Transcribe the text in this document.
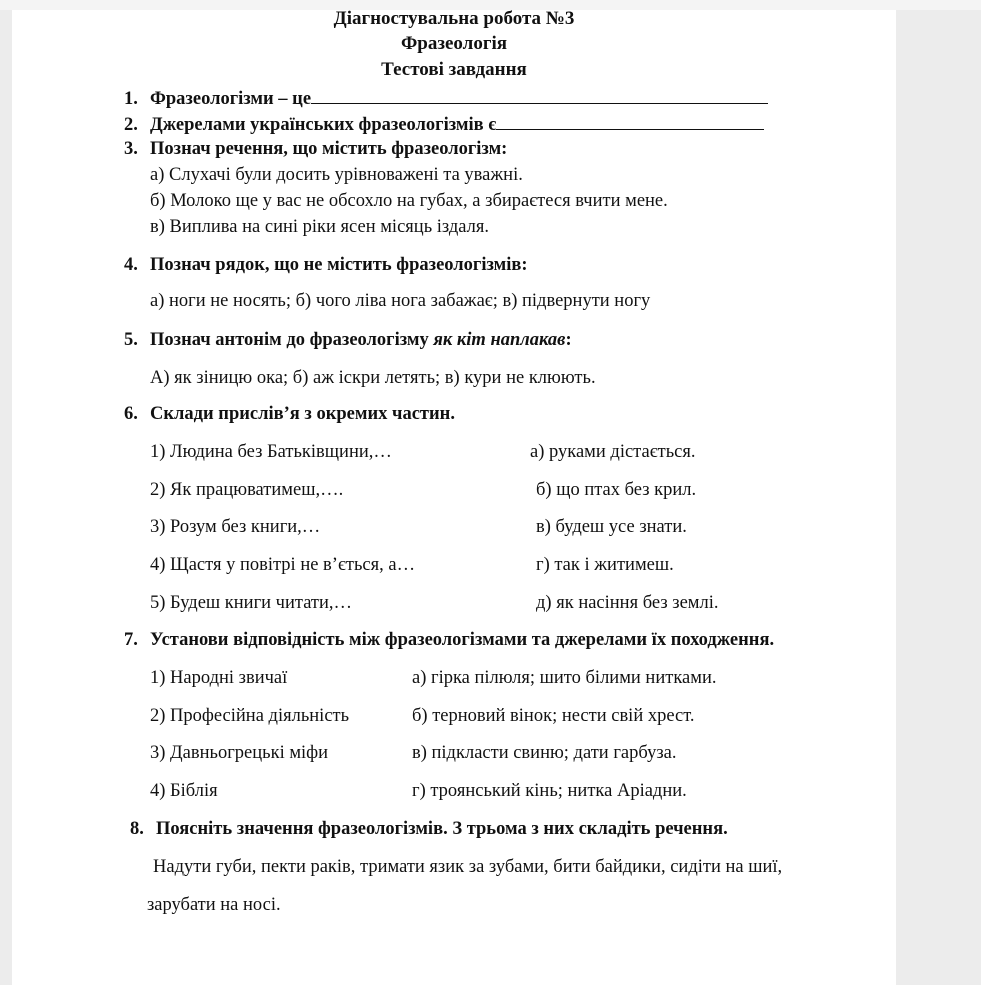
Діагностувальна робота №3
Фразеологія
Тестові завдання
1. Фразеологізми – це
2. Джерелами українських фразеологізмів є
3. Познач речення, що містить фразеологізм:
а) Слухачі були досить урівноважені та уважні.
б) Молоко ще у вас не обсохло на губах, а збираєтеся вчити мене.
в) Виплива на сині ріки ясен місяць іздаля.
4. Познач рядок, що не містить фразеологізмів:
а) ноги не носять; б) чого ліва нога забажає; в) підвернути ногу
5. Познач антонім до фразеологізму як кіт наплакав:
А) як зіницю ока; б) аж іскри летять; в) кури не клюють.
6. Склади прислів’я з окремих частин.
1) Людина без Батьківщини,…
2) Як працюватимеш,….
3) Розум без книги,…
4) Щастя у повітрі не в’ється, а…
5) Будеш книги читати,…
а) руками дістається.
б) що птах без крил.
в) будеш усе знати.
г) так і житимеш.
д) як насіння без землі.
7. Установи відповідність між фразеологізмами та джерелами їх походження.
1) Народні звичаї
2) Професійна діяльність
3) Давньогрецькі міфи
4) Біблія
а) гірка пілюля; шито білими нитками.
б) терновий вінок; нести свій хрест.
в) підкласти свиню; дати гарбуза.
г) троянський кінь; нитка Аріадни.
8. Поясніть значення фразеологізмів. З трьома з них складіть речення.
Надути губи, пекти раків, тримати язик за зубами, бити байдики, сидіти на шиї,
зарубати на носі.
